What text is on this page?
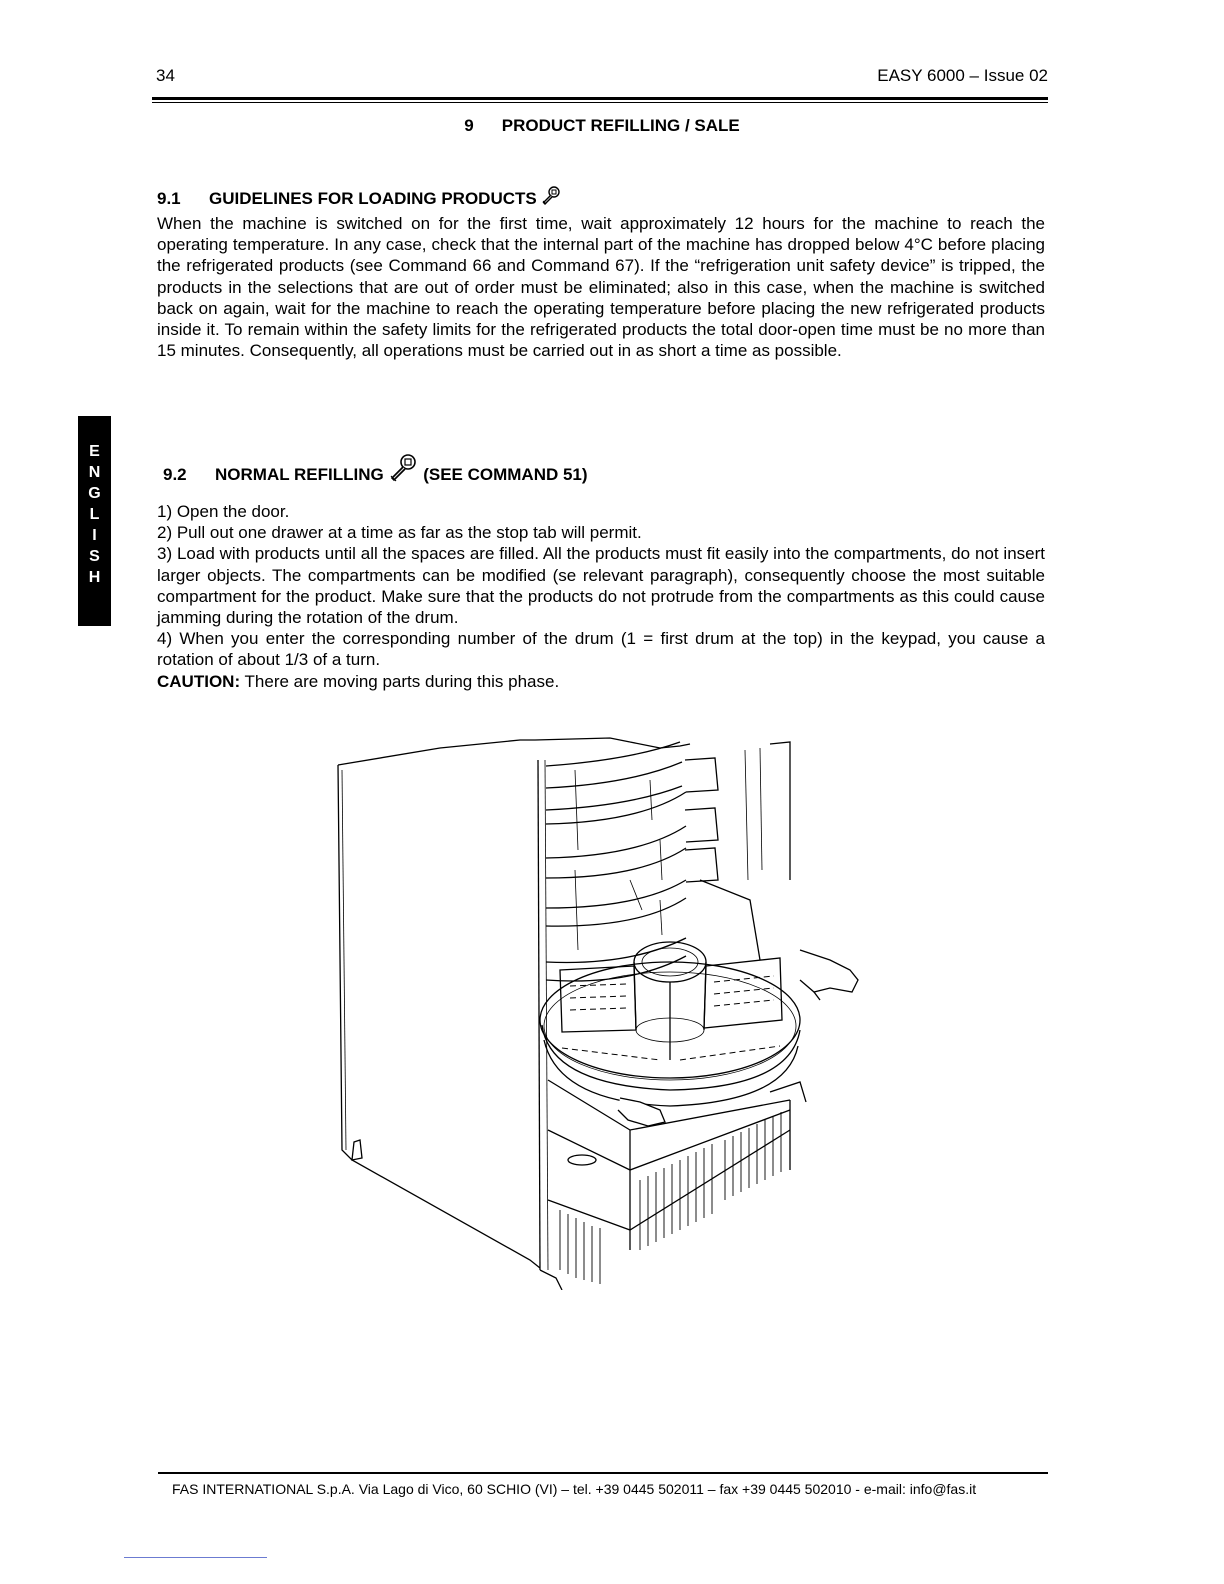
34	EASY 6000 – Issue 02
9 PRODUCT REFILLING / SALE
9.1 GUIDELINES FOR LOADING PRODUCTS
When the machine is switched on for the first time, wait approximately 12 hours for the machine to reach the operating temperature. In any case, check that the internal part of the machine has dropped below 4°C before placing the refrigerated products (see Command 66 and Command 67). If the “refrigeration unit safety device” is tripped, the products in the selections that are out of order must be eliminated; also in this case, when the machine is switched back on again, wait for the machine to reach the operating temperature before placing the new refrigerated products inside it. To remain within the safety limits for the refrigerated products the total door-open time must be no more than 15 minutes. Consequently, all operations must be carried out in as short a time as possible.
E
N
G
L
I
S
H
9.2 NORMAL REFILLING (SEE COMMAND 51)
1) Open the door.
2) Pull out one drawer at a time as far as the stop tab will permit.
3) Load with products until all the spaces are filled. All the products must fit easily into the compartments, do not insert larger objects. The compartments can be modified (se relevant paragraph), consequently choose the most suitable compartment for the product. Make sure that the products do not protrude from the compartments as this could cause jamming during the rotation of the drum.
4) When you enter the corresponding number of the drum (1 = first drum at the top) in the keypad, you cause a rotation of about 1/3 of a turn.
CAUTION: There are moving parts during this phase.
FAS INTERNATIONAL S.p.A. Via Lago di Vico, 60 SCHIO (VI) – tel. +39 0445 502011 – fax +39 0445 502010 - e-mail: info@fas.it
